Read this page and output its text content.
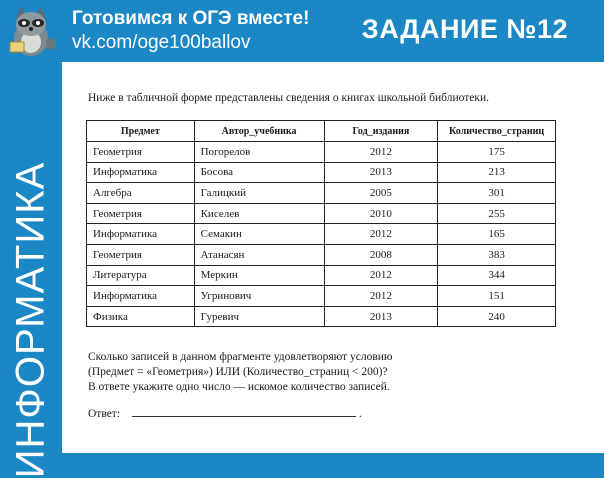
Готовимся к ОГЭ вместе!
vk.com/oge100ballov	ЗАДАНИЕ №12
ИНФОРМАТИКА
Ниже в табличной форме представлены сведения о книгах школьной библиотеки.
Предмет	Автор_учебника	Год_издания	Количество_страниц
Геометрия	Погорелов	2012	175
Информатика	Босова	2013	213
Алгебра	Галицкий	2005	301
Геометрия	Киселев	2010	255
Информатика	Семакин	2012	165
Геометрия	Атанасян	2008	383
Литература	Меркин	2012	344
Информатика	Угринович	2012	151
Физика	Гуревич	2013	240
Сколько записей в данном фрагменте удовлетворяют условию
(Предмет = «Геометрия») ИЛИ (Количество_страниц < 200)?
В ответе укажите одно число — искомое количество записей.
Ответ:	.
